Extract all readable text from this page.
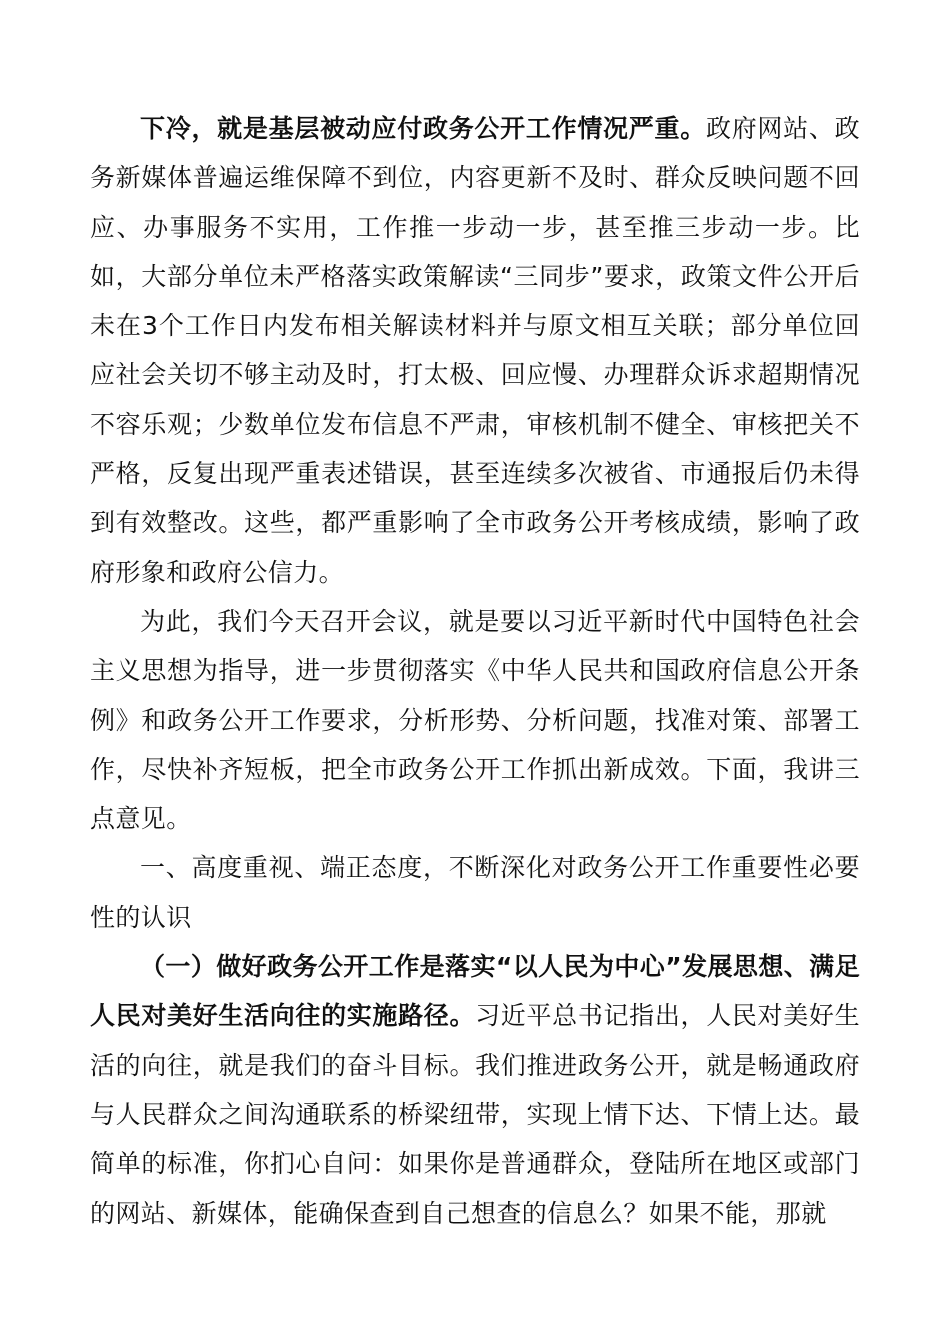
下冷，就是基层被动应付政务公开工作情况严重。政府网站、政务新媒体普遍运维保障不到位，内容更新不及时、群众反映问题不回应、办事服务不实用，工作推一步动一步，甚至推三步动一步。比如，大部分单位未严格落实政策解读“三同步”要求，政策文件公开后未在3个工作日内发布相关解读材料并与原文相互关联；部分单位回应社会关切不够主动及时，打太极、回应慢、办理群众诉求超期情况不容乐观；少数单位发布信息不严肃，审核机制不健全、审核把关不严格，反复出现严重表述错误，甚至连续多次被省、市通报后仍未得到有效整改。这些，都严重影响了全市政务公开考核成绩，影响了政府形象和政府公信力。

为此，我们今天召开会议，就是要以习近平新时代中国特色社会主义思想为指导，进一步贯彻落实《中华人民共和国政府信息公开条例》和政务公开工作要求，分析形势、分析问题，找准对策、部署工作，尽快补齐短板，把全市政务公开工作抓出新成效。下面，我讲三点意见。

一、高度重视、端正态度，不断深化对政务公开工作重要性必要性的认识

（一）做好政务公开工作是落实“以人民为中心”发展思想、满足人民对美好生活向往的实施路径。习近平总书记指出，人民对美好生活的向往，就是我们的奋斗目标。我们推进政务公开，就是畅通政府与人民群众之间沟通联系的桥梁纽带，实现上情下达、下情上达。最简单的标准，你扪心自问：如果你是普通群众，登陆所在地区或部门的网站、新媒体，能确保查到自己想查的信息么？如果不能，那就
